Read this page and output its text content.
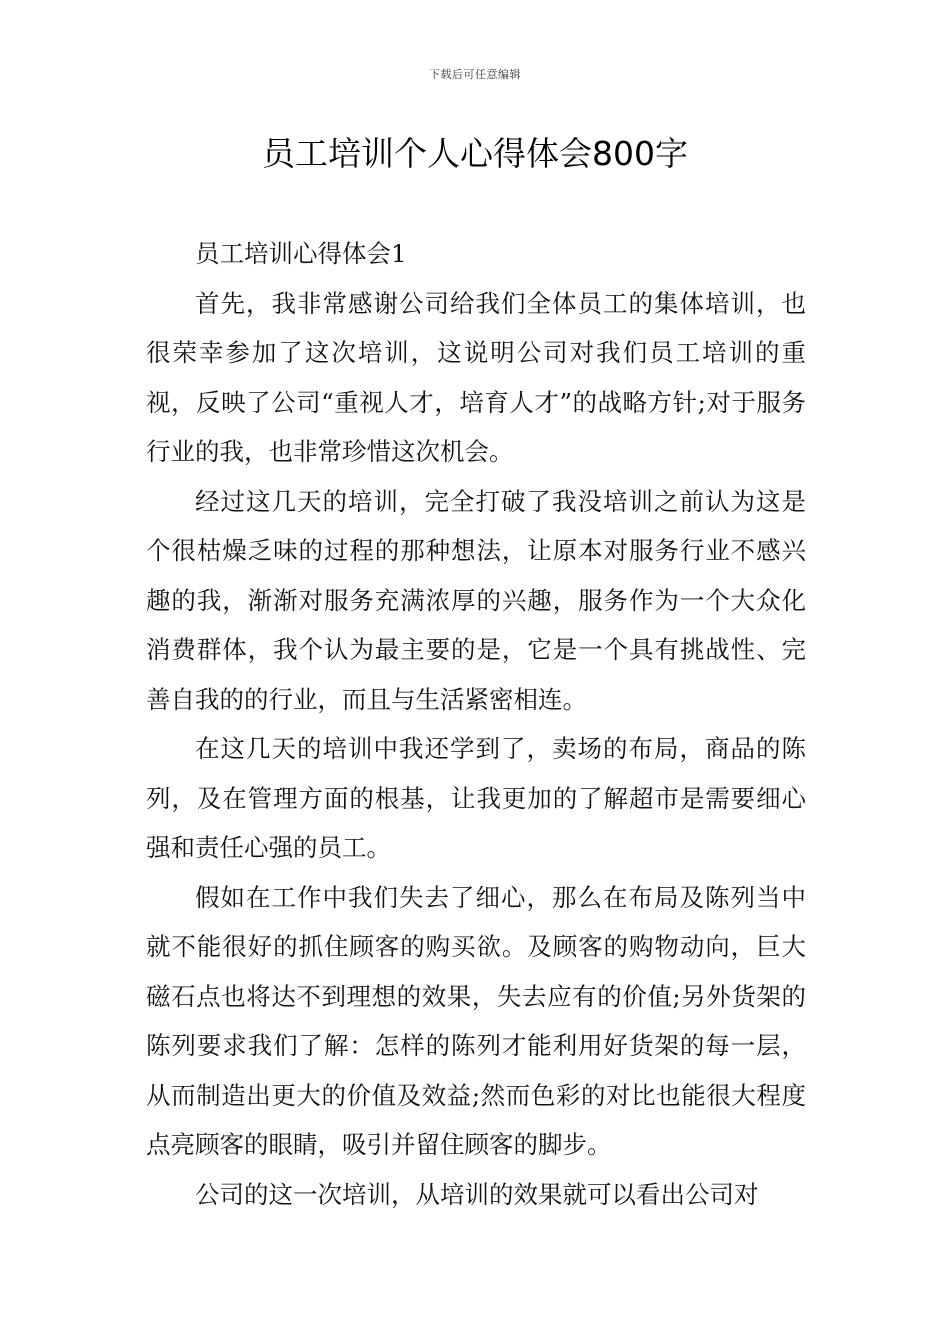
下载后可任意编辑
员工培训个人心得体会800字

员工培训心得体会1

首先，我非常感谢公司给我们全体员工的集体培训，也很荣幸参加了这次培训，这说明公司对我们员工培训的重视，反映了公司“重视人才，培育人才”的战略方针;对于服务行业的我，也非常珍惜这次机会。

经过这几天的培训，完全打破了我没培训之前认为这是个很枯燥乏味的过程的那种想法，让原本对服务行业不感兴趣的我，渐渐对服务充满浓厚的兴趣，服务作为一个大众化消费群体，我个认为最主要的是，它是一个具有挑战性、完善自我的的行业，而且与生活紧密相连。

在这几天的培训中我还学到了，卖场的布局，商品的陈列，及在管理方面的根基，让我更加的了解超市是需要细心强和责任心强的员工。

假如在工作中我们失去了细心，那么在布局及陈列当中就不能很好的抓住顾客的购买欲。及顾客的购物动向，巨大磁石点也将达不到理想的效果，失去应有的价值;另外货架的陈列要求我们了解：怎样的陈列才能利用好货架的每一层，从而制造出更大的价值及效益;然而色彩的对比也能很大程度点亮顾客的眼睛，吸引并留住顾客的脚步。

公司的这一次培训，从培训的效果就可以看出公司对
